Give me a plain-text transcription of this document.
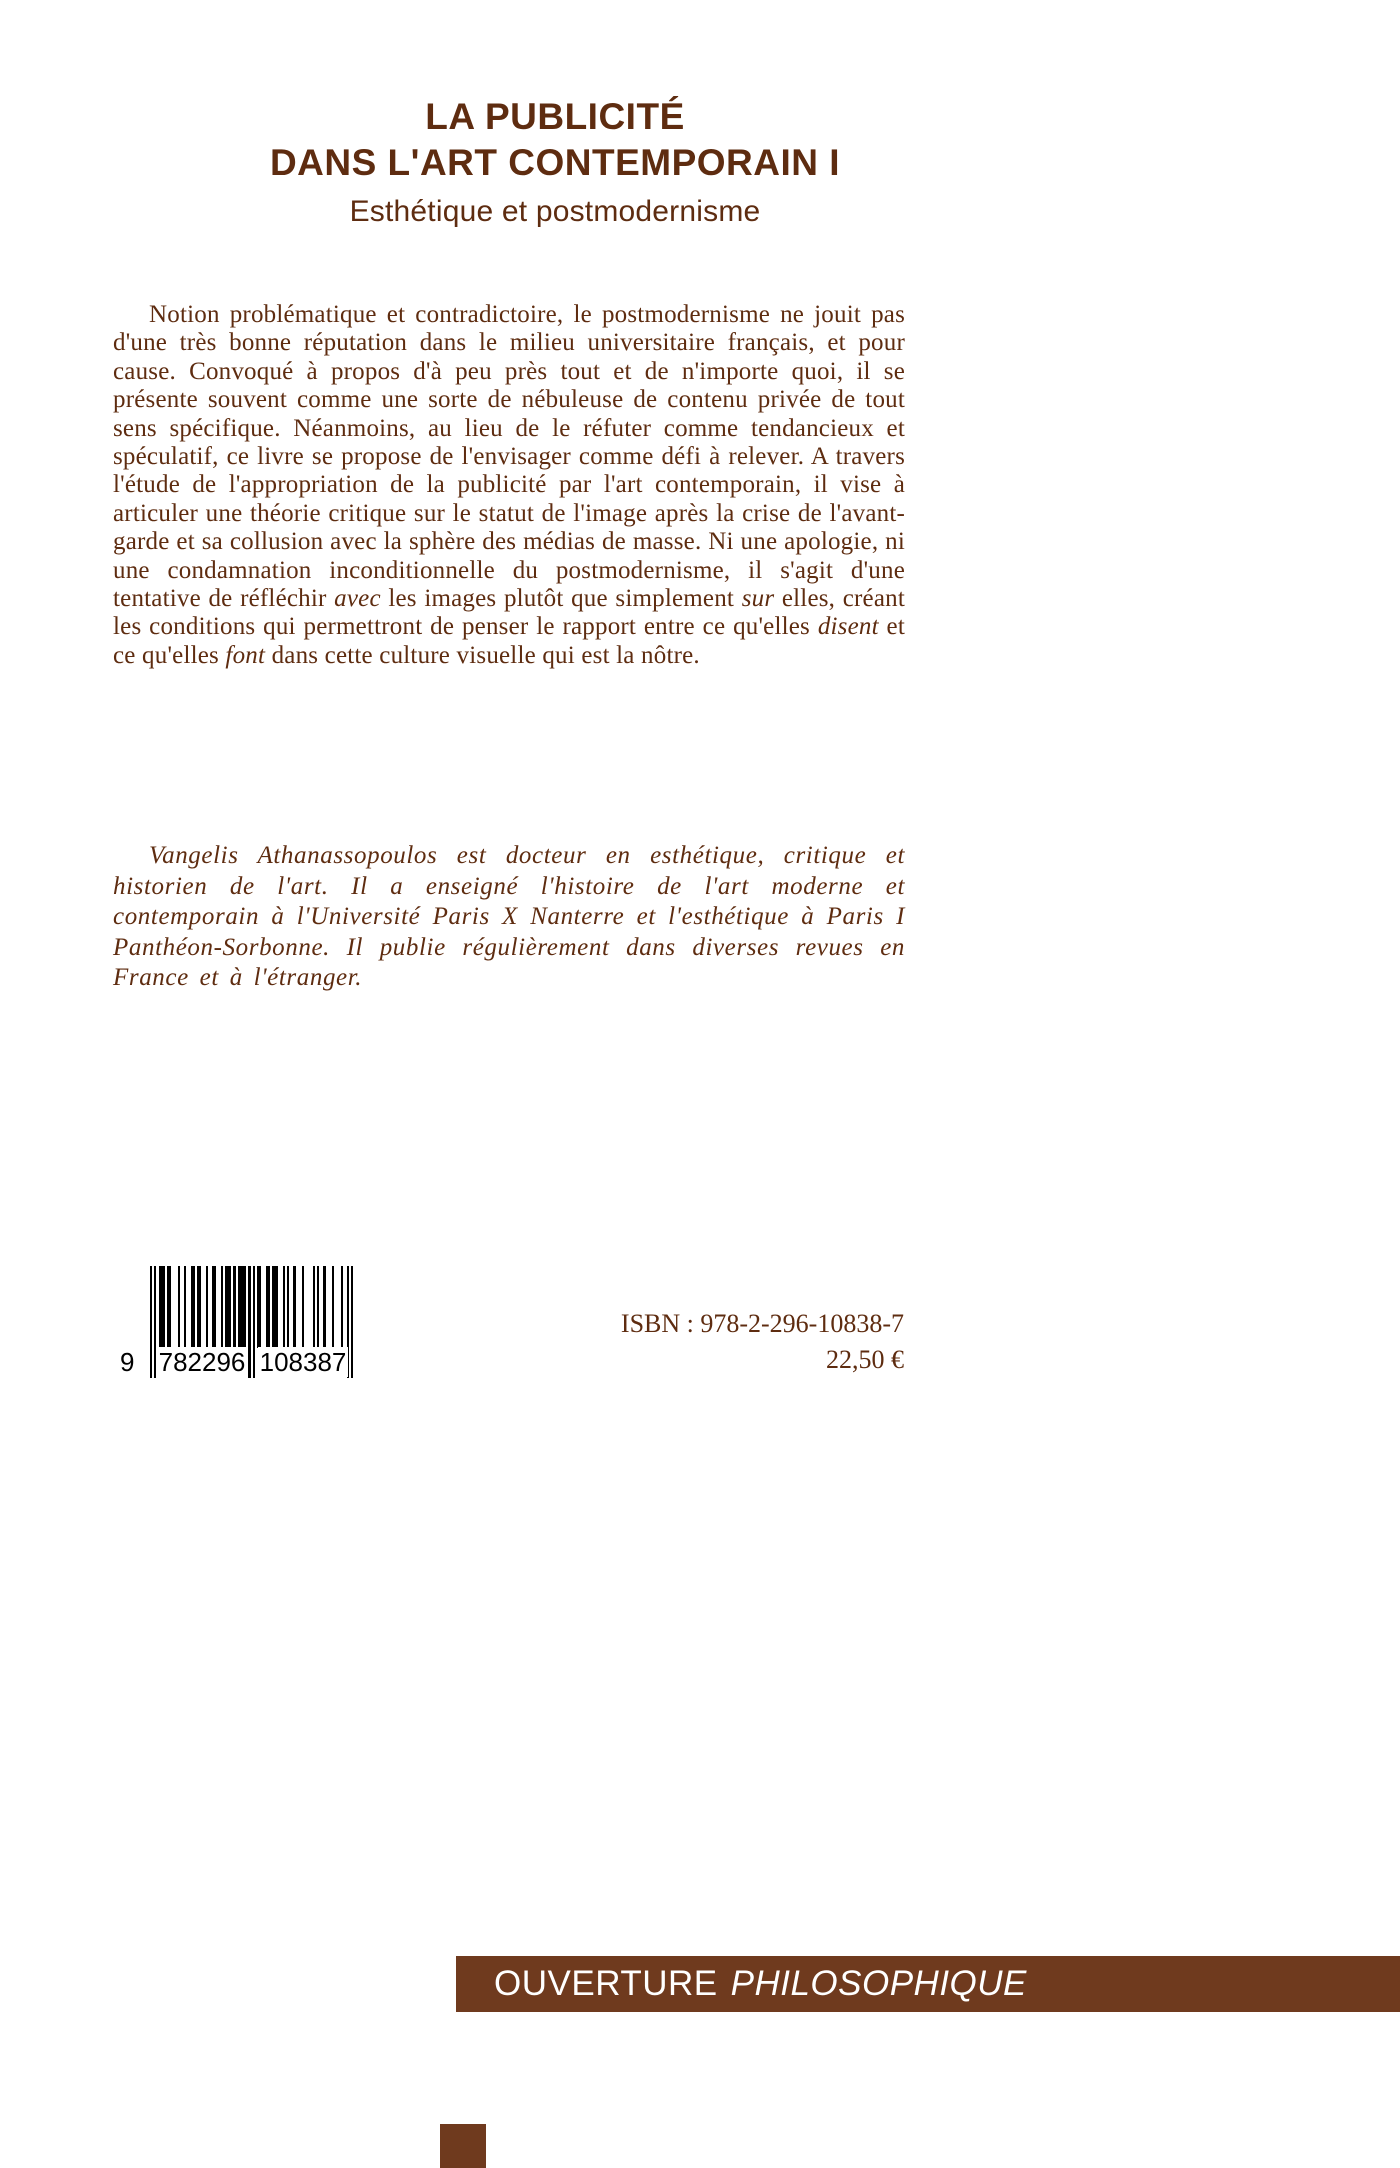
LA PUBLICITÉ
DANS L'ART CONTEMPORAIN I
Esthétique et postmodernisme

Notion problématique et contradictoire, le postmodernisme ne jouit pas d'une très bonne réputation dans le milieu universitaire français, et pour cause. Convoqué à propos d'à peu près tout et de n'importe quoi, il se présente souvent comme une sorte de nébuleuse de contenu privée de tout sens spécifique. Néanmoins, au lieu de le réfuter comme tendancieux et spéculatif, ce livre se propose de l'envisager comme défi à relever. A travers l'étude de l'appropriation de la publicité par l'art contemporain, il vise à articuler une théorie critique sur le statut de l'image après la crise de l'avant-garde et sa collusion avec la sphère des médias de masse. Ni une apologie, ni une condamnation inconditionnelle du postmodernisme, il s'agit d'une tentative de réfléchir avec les images plutôt que simplement sur elles, créant les conditions qui permettront de penser le rapport entre ce qu'elles disent et ce qu'elles font dans cette culture visuelle qui est la nôtre.

Vangelis Athanassopoulos est docteur en esthétique, critique et historien de l'art. Il a enseigné l'histoire de l'art moderne et contemporain à l'Université Paris X Nanterre et l'esthétique à Paris I Panthéon-Sorbonne. Il publie régulièrement dans diverses revues en France et à l'étranger.

9 782296 108387
ISBN : 978-2-296-10838-7
22,50 €
OUVERTURE PHILOSOPHIQUE
